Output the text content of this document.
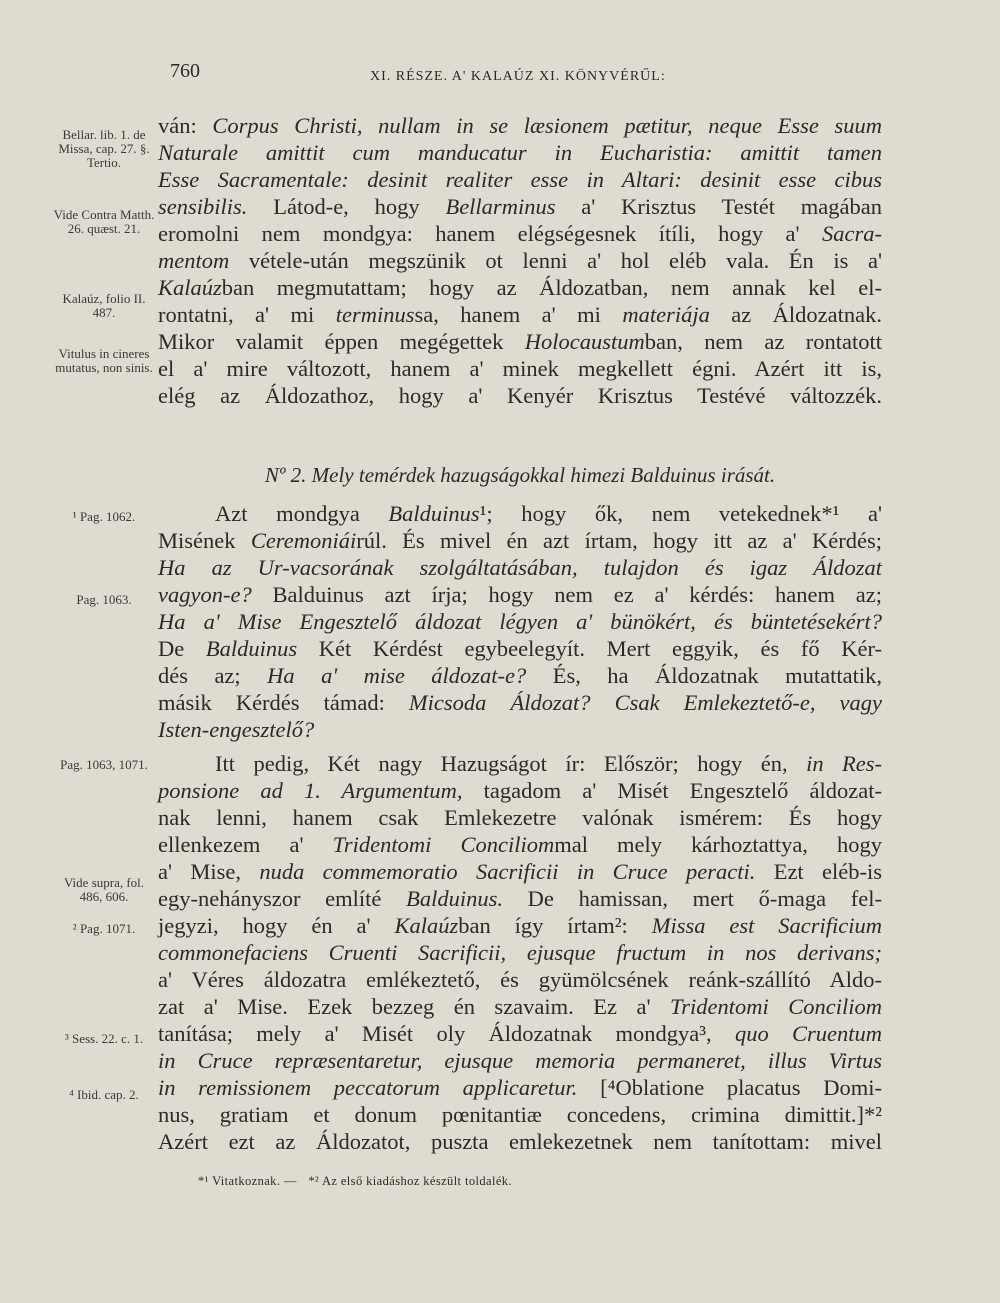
760	XI. RÉSZE. A' KALAÚZ XI. KÖNYVÉRŰL:
Bellar. lib. 1. de Missa, cap. 27. §. Tertio.
Vide Contra Matth. 26. quæst. 21.
Kalaúz, folio II. 487.
Vitulus in cineres mutatus, non sinis.
¹ Pag. 1062.
Pag. 1063.
Pag. 1063, 1071.
Vide supra, fol. 486, 606.
² Pag. 1071.
³ Sess. 22. c. 1.
⁴ Ibid. cap. 2.
ván: Corpus Christi, nullam in se læsionem pætitur, neque Esse suum
Naturale amittit cum manducatur in Eucharistia: amittit tamen
Esse Sacramentale: desinit realiter esse in Altari: desinit esse cibus
sensibilis. Látod-e, hogy Bellarminus a' Krisztus Testét magában
eromolni nem mondgya: hanem elégségesnek ítíli, hogy a' Sacra-
mentom vétele-után megszünik ot lenni a' hol eléb vala. Én is a'
Kalaúzban megmutattam; hogy az Áldozatban, nem annak kel el-
rontatni, a' mi terminussa, hanem a' mi materiája az Áldozatnak.
Mikor valamit éppen megégettek Holocaustumban, nem az rontatott
el a' mire változott, hanem a' minek megkellett égni. Azért itt is,
elég az Áldozathoz, hogy a' Kenyér Krisztus Testévé változzék.
Nº 2. Mely temérdek hazugságokkal himezi Balduinus irását.
Azt mondgya Balduinus¹; hogy ők, nem vetekednek*¹ a'
Misének Ceremoniáirúl. És mivel én azt írtam, hogy itt az a' Kérdés;
Ha az Ur-vacsorának szolgáltatásában, tulajdon és igaz Áldozat
vagyon-e? Balduinus azt írja; hogy nem ez a' kérdés: hanem az;
Ha a' Mise Engesztelő áldozat légyen a' bünökért, és büntetésekért?
De Balduinus Két Kérdést egybeelegyít. Mert eggyik, és fő Kér-
dés az; Ha a' mise áldozat-e? És, ha Áldozatnak mutattatik,
másik Kérdés támad: Micsoda Áldozat? Csak Emlekeztető-e, vagy
Isten-engesztelő?
Itt pedig, Két nagy Hazugságot ír: Először; hogy én, in Res-
ponsione ad 1. Argumentum, tagadom a' Misét Engesztelő áldozat-
nak lenni, hanem csak Emlekezetre valónak ismérem: És hogy
ellenkezem a' Tridentomi Conciliommal mely kárhoztattya, hogy
a' Mise, nuda commemoratio Sacrificii in Cruce peracti. Ezt eléb-is
egy-nehányszor említé Balduinus. De hamissan, mert ő-maga fel-
jegyzi, hogy én a' Kalaúzban így írtam²: Missa est Sacrificium
commonefaciens Cruenti Sacrificii, ejusque fructum in nos derivans;
a' Véres áldozatra emlékeztető, és gyümölcsének reánk-szállító Aldo-
zat a' Mise. Ezek bezzeg én szavaim. Ez a' Tridentomi Conciliom
tanítása; mely a' Misét oly Áldozatnak mondgya³, quo Cruentum
in Cruce repræsentaretur, ejusque memoria permaneret, illus Virtus
in remissionem peccatorum applicaretur. [⁴Oblatione placatus Domi-
nus, gratiam et donum pœnitantiæ concedens, crimina dimittit.]*²
Azért ezt az Áldozatot, puszta emlekezetnek nem tanítottam: mivel
*¹ Vitatkoznak. — *² Az első kiadáshoz készült toldalék.
